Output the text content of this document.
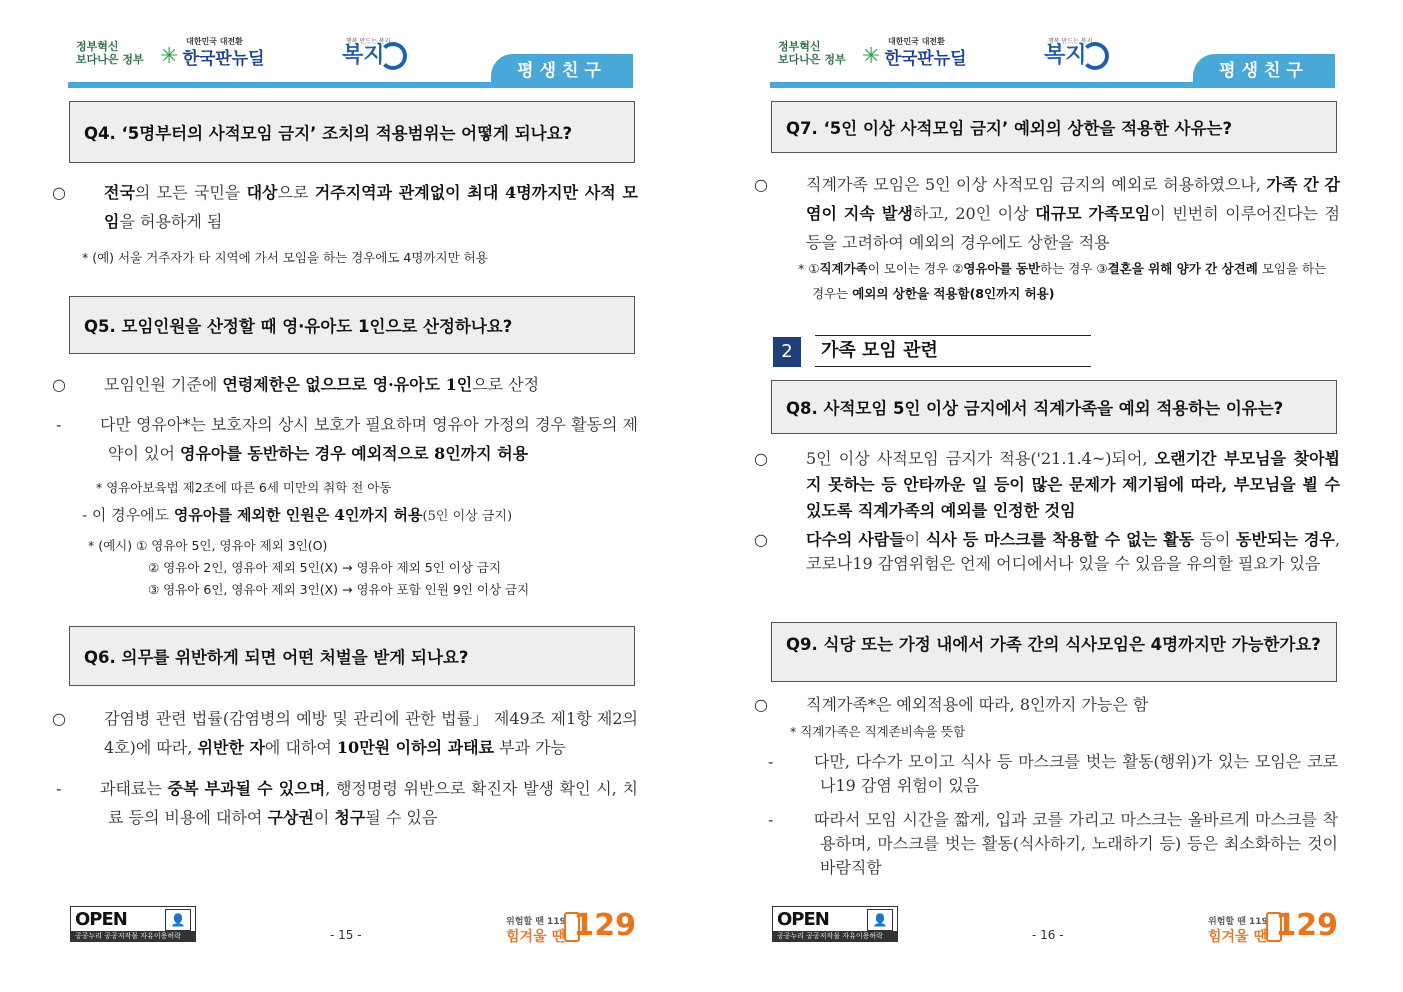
정부혁신
보다나은 정부 ✳
대한민국 대전환
한국판뉴딜
행복 만드는 복지
복지
평생친구
Q4. ‘5명부터의 사적모임 금지’ 조치의 적용범위는 어떻게 되나요?
○ 전국의 모든 국민을 대상으로 거주지역과 관계없이 최대 4명까지만 사적 모임을 허용하게 됨
* (예) 서울 거주자가 타 지역에 가서 모임을 하는 경우에도 4명까지만 허용
Q5. 모임인원을 산정할 때 영·유아도 1인으로 산정하나요?
○ 모임인원 기준에 연령제한은 없으므로 영·유아도 1인으로 산정
- 다만 영유아*는 보호자의 상시 보호가 필요하며 영유아 가정의 경우 활동의 제약이 있어 영유아를 동반하는 경우 예외적으로 8인까지 허용
* 영유아보육법 제2조에 따른 6세 미만의 취학 전 아동
- 이 경우에도 영유아를 제외한 인원은 4인까지 허용(5인 이상 금지)
* (예시) ① 영유아 5인, 영유아 제외 3인(O)
② 영유아 2인, 영유아 제외 5인(X) → 영유아 제외 5인 이상 금지
③ 영유아 6인, 영유아 제외 3인(X) → 영유아 포함 인원 9인 이상 금지
Q6. 의무를 위반하게 되면 어떤 처벌을 받게 되나요?
○ 감염병 관련 법률(감염병의 예방 및 관리에 관한 법률」 제49조 제1항 제2의4호)에 따라, 위반한 자에 대하여 10만원 이하의 과태료 부과 가능
- 과태료는 중복 부과될 수 있으며, 행정명령 위반으로 확진자 발생 확인 시, 치료 등의 비용에 대하여 구상권이 청구될 수 있음
OPEN	👤
공공누리 공공저작물 자유이용허락	- 15 -
위험할 땐 119
힘겨울 땐 129
정부혁신
보다나은 정부 ✳
대한민국 대전환
한국판뉴딜
행복 만드는 복지
복지
평생친구
Q7. ‘5인 이상 사적모임 금지’ 예외의 상한을 적용한 사유는?
○ 직계가족 모임은 5인 이상 사적모임 금지의 예외로 허용하였으나, 가족 간 감염이 지속 발생하고, 20인 이상 대규모 가족모임이 빈번히 이루어진다는 점 등을 고려하여 예외의 경우에도 상한을 적용
* ①직계가족이 모이는 경우 ②영유아를 동반하는 경우 ③결혼을 위해 양가 간 상견례 모임을 하는 경우는 예외의 상한을 적용함(8인까지 허용)
2	가족 모임 관련
Q8. 사적모임 5인 이상 금지에서 직계가족을 예외 적용하는 이유는?
○ 5인 이상 사적모임 금지가 적용('21.1.4~)되어, 오랜기간 부모님을 찾아뵙지 못하는 등 안타까운 일 등이 많은 문제가 제기됨에 따라, 부모님을 뵐 수 있도록 직계가족의 예외를 인정한 것임
○ 다수의 사람들이 식사 등 마스크를 착용할 수 없는 활동 등이 동반되는 경우, 코로나19 감염위험은 언제 어디에서나 있을 수 있음을 유의할 필요가 있음
Q9. 식당 또는 가정 내에서 가족 간의 식사모임은 4명까지만 가능한가요?
○ 직계가족*은 예외적용에 따라, 8인까지 가능은 함
* 직계가족은 직계존비속을 뜻함
-	다만, 다수가 모이고 식사 등 마스크를 벗는 활동(행위)가 있는 모임은 코로나19 감염 위험이 있음
-	따라서 모임 시간을 짧게, 입과 코를 가리고 마스크는 올바르게 마스크를 착용하며, 마스크를 벗는 활동(식사하기, 노래하기 등) 등은 최소화하는 것이 바람직함
OPEN	👤
공공누리 공공저작물 자유이용허락	- 16 -
위험할 땐 119
힘겨울 땐 129
